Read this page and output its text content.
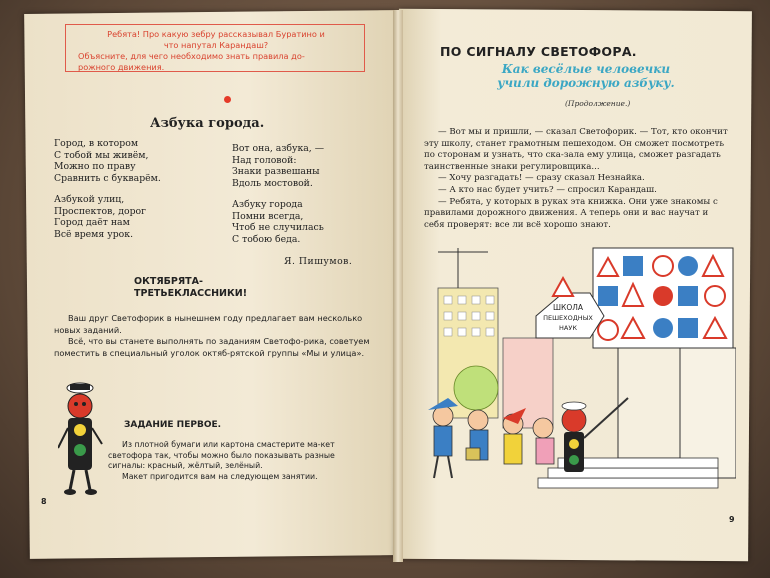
Ребята! Про какую зебру рассказывал Буратино и
что напутал Карандаш?
Объясните, для чего необходимо знать правила до-
рожного движения.
Азбука города.
Город, в котором
С тобой мы живём,
Можно по праву
Сравнить с букварём.
Азбукой улиц,
Проспектов, дорог
Город даёт нам
Всё время урок.
Вот она, азбука, —
Над головой:
Знаки развешаны
Вдоль мостовой.
Азбуку города
Помни всегда,
Чтоб не случилась
С тобою беда.
Я. Пишумов.
ОКТЯБРЯТА-
ТРЕТЬЕКЛАССНИКИ!
Ваш друг Светофорик в нынешнем году предлагает вам несколько новых заданий.
Всё, что вы станете выполнять по заданиям Светофо-рика, советуем поместить в специальный уголок октяб-рятской группы «Мы и улица».
ЗАДАНИЕ ПЕРВОЕ.
Из плотной бумаги или картона смастерите ма-кет светофора так, чтобы можно было показывать разные сигналы: красный, жёлтый, зелёный.
Макет пригодится вам на следующем занятии.
8
ПО СИГНАЛУ СВЕТОФОРА.
Как весёлые человечки
учили дорожную азбуку.
(Продолжение.)

— Вот мы и пришли, — сказал Светофорик. — Тот, кто окончит эту школу, станет грамотным пешеходом. Он сможет посмотреть по сторонам и узнать, что ска-зала ему улица, сможет разгадать таинственные знаки регулировщика...

— Хочу разгадать! — сразу сказал Незнайка.

— А кто нас будет учить? — спросил Карандаш.

— Ребята, у которых в руках эта книжка. Они уже знакомы с правилами дорожного движения. А теперь они и вас научат и себя проверят: все ли всё хорошо знают.

ШКОЛА
ПЕШЕХОДНЫХ
НАУК
9
